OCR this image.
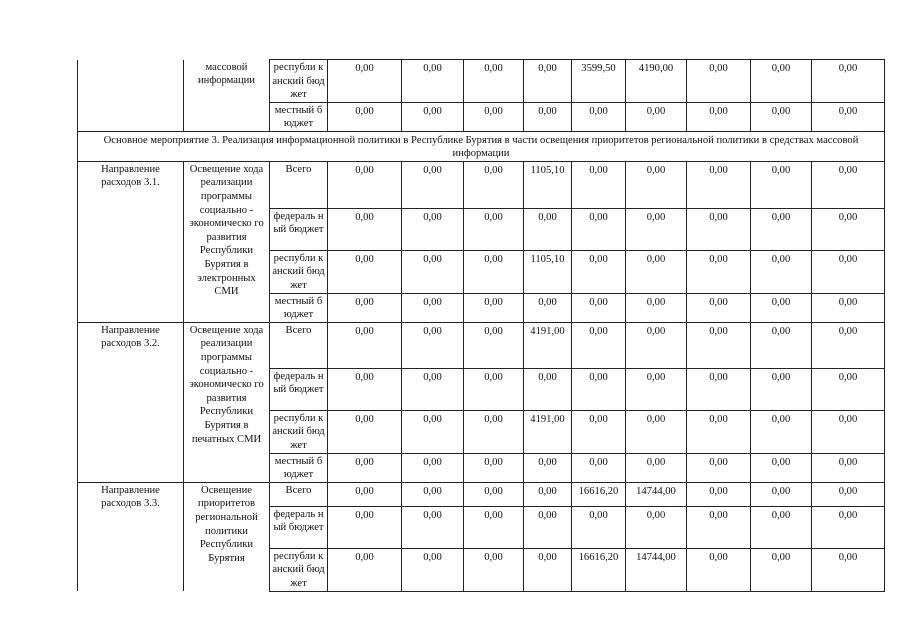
	массовой информации	республи канский бюджет	0,00	0,00	0,00	0,00	3599,50	4190,00	0,00	0,00	0,00
		местный бюджет	0,00	0,00	0,00	0,00	0,00	0,00	0,00	0,00	0,00
Основное мероприятие 3. Реализация информационной политики в Республике Бурятия в части освещения приоритетов региональной политики в средствах массовой информации											
Направление расходов 3.1.	Освещение хода реализации программы социально - экономическо го развития Республики Бурятия в электронных СМИ	Всего	0,00	0,00	0,00	1105,10	0,00	0,00	0,00	0,00	0,00
		федераль ный бюджет	0,00	0,00	0,00	0,00	0,00	0,00	0,00	0,00	0,00
		республи канский бюджет	0,00	0,00	0,00	1105,10	0,00	0,00	0,00	0,00	0,00
		местный бюджет	0,00	0,00	0,00	0,00	0,00	0,00	0,00	0,00	0,00
Направление расходов 3.2.	Освещение хода реализации программы социально - экономическо го развития Республики Бурятия в печатных СМИ	Всего	0,00	0,00	0,00	4191,00	0,00	0,00	0,00	0,00	0,00
		федераль ный бюджет	0,00	0,00	0,00	0,00	0,00	0,00	0,00	0,00	0,00
		республи канский бюджет	0,00	0,00	0,00	4191,00	0,00	0,00	0,00	0,00	0,00
		местный бюджет	0,00	0,00	0,00	0,00	0,00	0,00	0,00	0,00	0,00
Направление расходов 3.3.	Освещение приоритетов региональной политики Республики Бурятия	Всего	0,00	0,00	0,00	0,00	16616,20	14744,00	0,00	0,00	0,00
		федераль ный бюджет	0,00	0,00	0,00	0,00	0,00	0,00	0,00	0,00	0,00
		республи канский бюджет	0,00	0,00	0,00	0,00	16616,20	14744,00	0,00	0,00	0,00
